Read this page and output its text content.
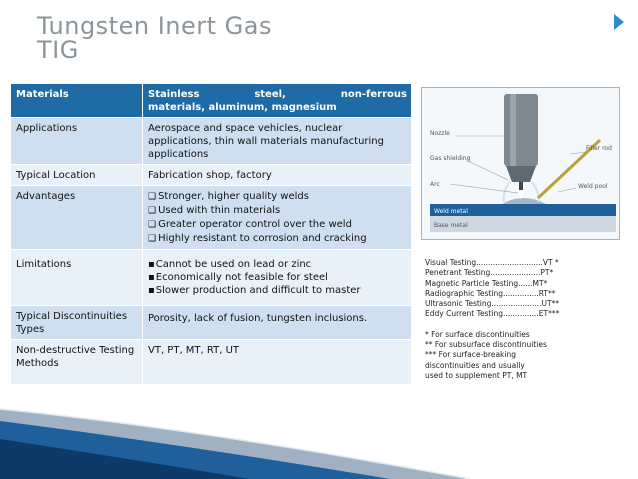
Tungsten Inert Gas
TIG
Materials	Stainless steel, non-ferrous
materials, aluminum, magnesium

Applications	Aerospace and space vehicles, nuclear applications, thin wall materials manufacturing applications
Typical Location	Fabrication shop, factory
Advantages	❑ Stronger, higher quality welds
❑ Used with thin materials
❑ Greater operator control over the weld
❑ Highly resistant to corrosion and cracking

Limitations	▪ Cannot be used on lead or zinc
▪ Economically not feasible for steel
▪ Slower production and difficult to master

Typical Discontinuities Types	Porosity, lack of fusion, tungsten inclusions.
Non-destructive Testing Methods	VT, PT, MT, RT, UT
Nozzle
Gas shielding
Arc
Filler rod
Weld pool
Weld metal
Base metal

Visual Testing............................VT *

Penetrant Testing.....................PT*

Magnetic Particle Testing......MT*

Radiographic Testing...............RT**

Ultrasonic Testing.....................UT**

Eddy Current Testing...............ET***

* For surface discontinuities

** For subsurface discontinuities

*** For surface-breaking

discontinuities and usually

used to supplement PT, MT
